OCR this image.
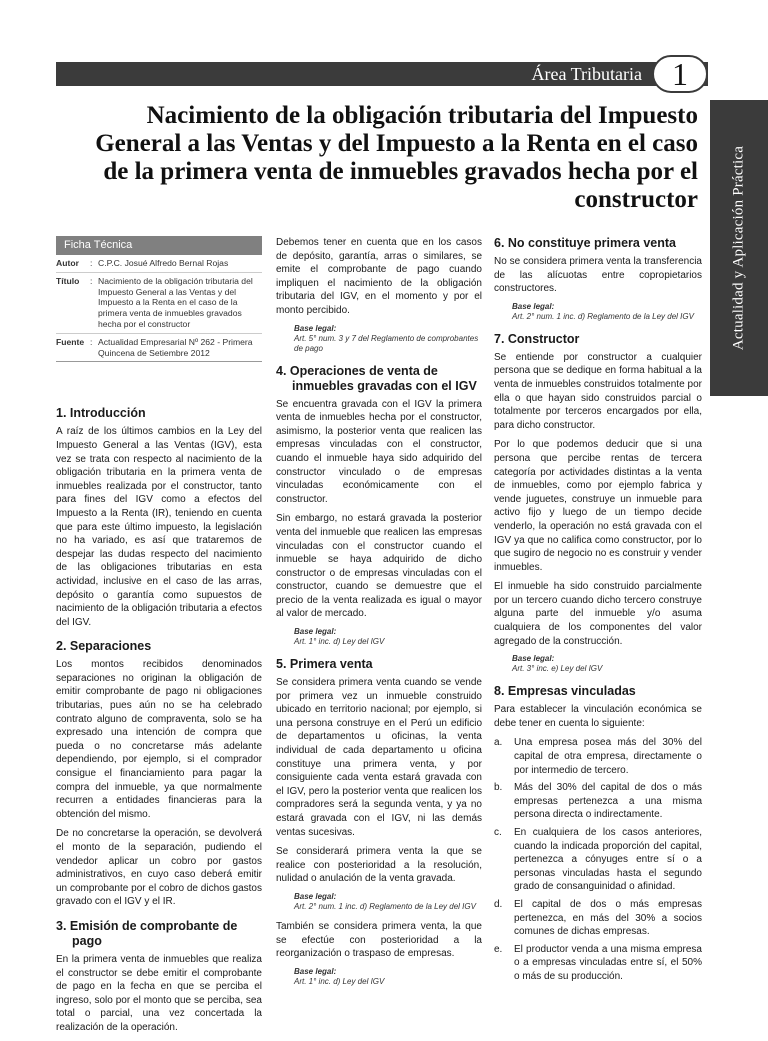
Área Tributaria 1
Actualidad y Aplicación Práctica
Nacimiento de la obligación tributaria del Impuesto General a las Ventas y del Impuesto a la Renta en el caso de la primera venta de inmuebles gravados hecha por el constructor
Ficha Técnica
Autor	: C.P.C. Josué Alfredo Bernal Rojas
Título	: Nacimiento de la obligación tributaria del Impuesto General a las Ventas y del Impuesto a la Renta en el caso de la primera venta de inmuebles gravados hecha por el constructor
Fuente : Actualidad Empresarial Nº 262 - Primera Quincena de Setiembre 2012
1. Introducción

A raíz de los últimos cambios en la Ley del Impuesto General a las Ventas (IGV), esta vez se trata con respecto al nacimiento de la obligación tributaria en la primera venta de inmuebles realizada por el constructor, tanto para fines del IGV como a efectos del Impuesto a la Renta (IR), teniendo en cuenta que para este último impuesto, la legislación no ha variado, es así que trataremos de despejar las dudas respecto del nacimiento de las obligaciones tributarias en esta actividad, inclusive en el caso de las arras, depósito o garantía como supuestos de nacimiento de la obligación tributaria a efectos del IGV.

2. Separaciones

Los montos recibidos denominados separaciones no originan la obligación de emitir comprobante de pago ni obligaciones tributarias, pues aún no se ha celebrado contrato alguno de compraventa, solo se ha expresado una intención de compra que pueda o no concretarse más adelante dependiendo, por ejemplo, si el comprador consigue el financiamiento para pagar la compra del inmueble, ya que normalmente recurren a entidades financieras para la obtención del mismo.

De no concretarse la operación, se devolverá el monto de la separación, pudiendo el vendedor aplicar un cobro por gastos administrativos, en cuyo caso deberá emitir un comprobante por el cobro de dichos gastos gravado con el IGV y el IR.

3. Emisión de comprobante de pago

En la primera venta de inmuebles que realiza el constructor se debe emitir el comprobante de pago en la fecha en que se perciba el ingreso, solo por el monto que se perciba, sea total o parcial, una vez concertada la realización de la operación.

Debemos tener en cuenta que en los casos de depósito, garantía, arras o similares, se emite el comprobante de pago cuando impliquen el nacimiento de la obligación tributaria del IGV, en el momento y por el monto percibido.

Base legal:
Art. 5° num. 3 y 7 del Reglamento de comprobantes de pago
4. Operaciones de venta de inmuebles gravadas con el IGV

Se encuentra gravada con el IGV la primera venta de inmuebles hecha por el constructor, asimismo, la posterior venta que realicen las empresas vinculadas con el constructor, cuando el inmueble haya sido adquirido del constructor vinculado o de empresas vinculadas económicamente con el constructor.

Sin embargo, no estará gravada la posterior venta del inmueble que realicen las empresas vinculadas con el constructor cuando el inmueble se haya adquirido de dicho constructor o de empresas vinculadas con el constructor, cuando se demuestre que el precio de la venta realizada es igual o mayor al valor de mercado.

Base legal:
Art. 1° inc. d) Ley del IGV
5. Primera venta

Se considera primera venta cuando se vende por primera vez un inmueble construido ubicado en territorio nacional; por ejemplo, si una persona construye en el Perú un edificio de departamentos u oficinas, la venta individual de cada departamento u oficina constituye una primera venta, y por consiguiente cada venta estará gravada con el IGV, pero la posterior venta que realicen los compradores será la segunda venta, y ya no estará gravada con el IGV, ni las demás ventas sucesivas.

Se considerará primera venta la que se realice con posterioridad a la resolución, nulidad o anulación de la venta gravada.

Base legal:
Art. 2° num. 1 inc. d) Reglamento de la Ley del IGV

También se considera primera venta, la que se efectúe con posterioridad a la reorganización o traspaso de empresas.

Base legal:
Art. 1° inc. d) Ley del IGV
6. No constituye primera venta

No se considera primera venta la transferencia de las alícuotas entre copropietarios constructores.

Base legal:
Art. 2° num. 1 inc. d) Reglamento de la Ley del IGV
7. Constructor

Se entiende por constructor a cualquier persona que se dedique en forma habitual a la venta de inmuebles construidos totalmente por ella o que hayan sido construidos parcial o totalmente por terceros encargados por ella, para dicho constructor.

Por lo que podemos deducir que si una persona que percibe rentas de tercera categoría por actividades distintas a la venta de inmuebles, como por ejemplo fabrica y vende juguetes, construye un inmueble para activo fijo y luego de un tiempo decide venderlo, la operación no está gravada con el IGV ya que no califica como constructor, por lo que sugiro de negocio no es construir y vender inmuebles.

El inmueble ha sido construido parcialmente por un tercero cuando dicho tercero construye alguna parte del inmueble y/o asuma cualquiera de los componentes del valor agregado de la construcción.

Base legal:
Art. 3° inc. e) Ley del IGV
8. Empresas vinculadas

Para establecer la vinculación económica se debe tener en cuenta lo siguiente:

a.	Una empresa posea más del 30% del capital de otra empresa, directamente o por intermedio de tercero.
b.	Más del 30% del capital de dos o más empresas pertenezca a una misma persona directa o indirectamente.
c.	En cualquiera de los casos anteriores, cuando la indicada proporción del capital, pertenezca a cónyuges entre sí o a personas vinculadas hasta el segundo grado de consanguinidad o afinidad.
d.	El capital de dos o más empresas pertenezca, en más del 30% a socios comunes de dichas empresas.
e.	El productor venda a una misma empresa o a empresas vinculadas entre sí, el 50% o más de su producción.
